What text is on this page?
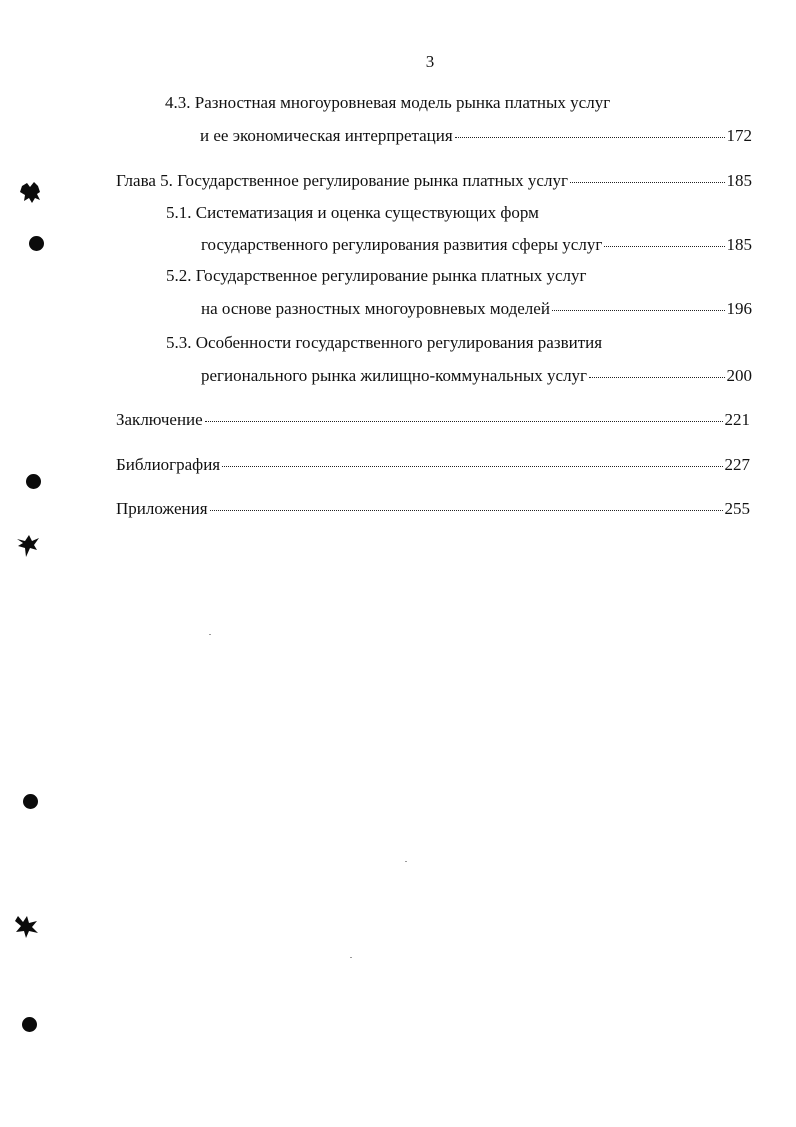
3
4.3. Разностная многоуровневая модель рынка платных услуг
и ее экономическая интерпретация	172
Глава 5. Государственное регулирование рынка платных услуг	185
5.1. Систематизация и оценка существующих форм
государственного регулирования развития сферы услуг	185
5.2. Государственное регулирование рынка платных услуг
на основе разностных многоуровневых моделей	196
5.3. Особенности государственного регулирования развития
регионального рынка жилищно-коммунальных услуг	200
Заключение	221
Библиография	227
Приложения	255
